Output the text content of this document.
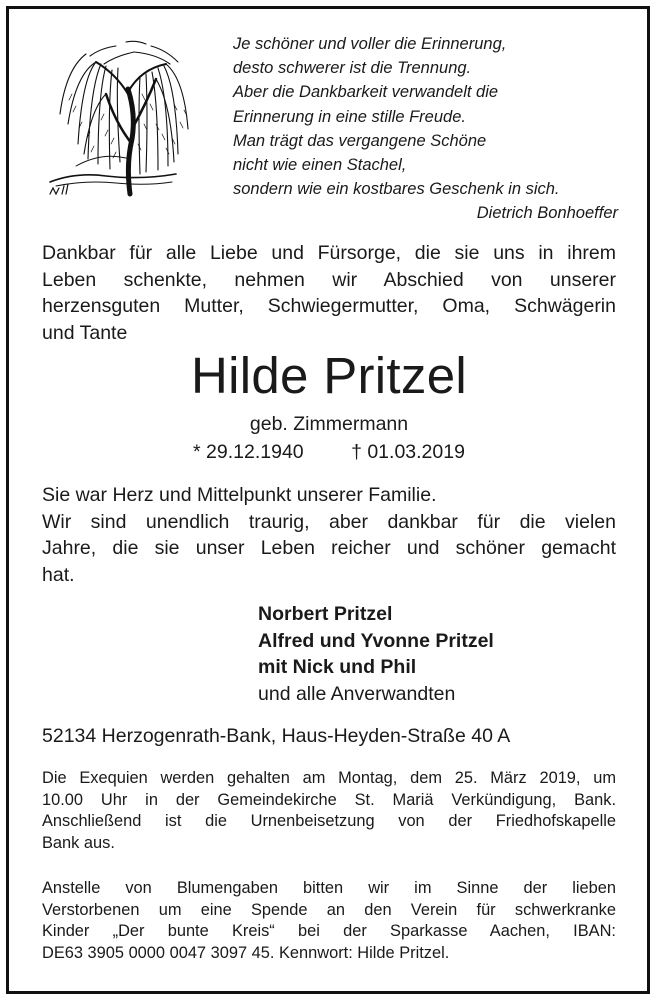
Je schöner und voller die Erinnerung,
desto schwerer ist die Trennung.
Aber die Dankbarkeit verwandelt die
Erinnerung in eine stille Freude.
Man trägt das vergangene Schöne
nicht wie einen Stachel,
sondern wie ein kostbares Geschenk in sich.
Dietrich Bonhoeffer
Dankbar für alle Liebe und Fürsorge, die sie uns in ihrem
Leben schenkte, nehmen wir Abschied von unserer
herzensguten Mutter, Schwiegermutter, Oma, Schwägerin
und Tante
Hilde Pritzel
geb. Zimmermann
* 29.12.1940 † 01.03.2019
Sie war Herz und Mittelpunkt unserer Familie.
Wir sind unendlich traurig, aber dankbar für die vielen
Jahre, die sie unser Leben reicher und schöner gemacht
hat.
Norbert Pritzel
Alfred und Yvonne Pritzel
mit Nick und Phil
und alle Anverwandten
52134 Herzogenrath-Bank, Haus-Heyden-Straße 40 A
Die Exequien werden gehalten am Montag, dem 25. März 2019, um
10.00 Uhr in der Gemeindekirche St. Mariä Verkündigung, Bank.
Anschließend ist die Urnenbeisetzung von der Friedhofskapelle
Bank aus.
Anstelle von Blumengaben bitten wir im Sinne der lieben
Verstorbenen um eine Spende an den Verein für schwerkranke
Kinder „Der bunte Kreis“ bei der Sparkasse Aachen, IBAN:
DE63 3905 0000 0047 3097 45. Kennwort: Hilde Pritzel.
